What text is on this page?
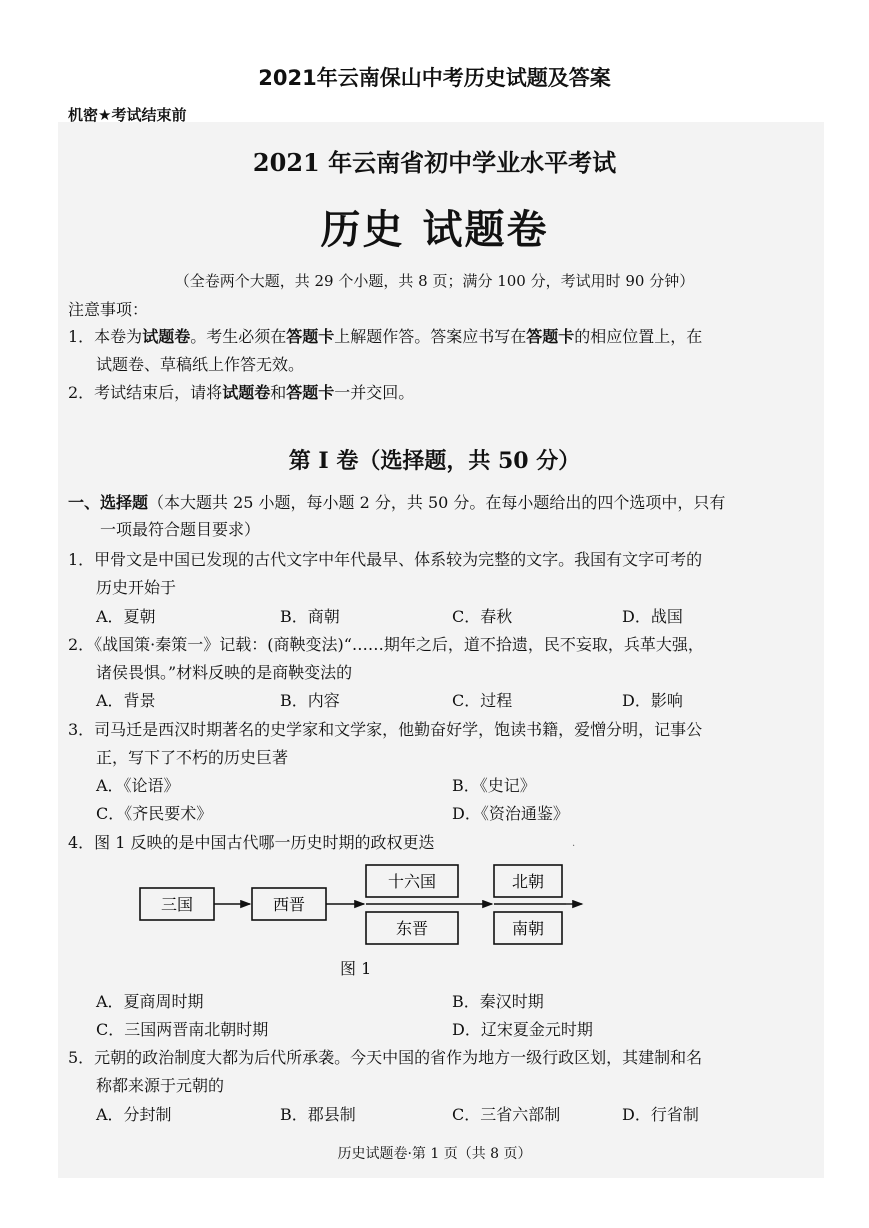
2021年云南保山中考历史试题及答案
机密★考试结束前
2021 年云南省初中学业水平考试
历史 试题卷
（全卷两个大题，共 29 个小题，共 8 页；满分 100 分，考试用时 90 分钟）
注意事项：
1．本卷为试题卷。考生必须在答题卡上解题作答。答案应书写在答题卡的相应位置上，在
试题卷、草稿纸上作答无效。
2．考试结束后，请将试题卷和答题卡一并交回。
第 I 卷（选择题，共 50 分）
一、选择题（本大题共 25 小题，每小题 2 分，共 50 分。在每小题给出的四个选项中，只有
一项最符合题目要求）
1．甲骨文是中国已发现的古代文字中年代最早、体系较为完整的文字。我国有文字可考的
历史开始于
A．夏朝	B．商朝	C．春秋	D．战国
2．《战国策·秦策一》记载：(商鞅变法)“……期年之后，道不拾遗，民不妄取，兵革大强，
诸侯畏惧。”材料反映的是商鞅变法的
A．背景	B．内容	C．过程	D．影响
3．司马迁是西汉时期著名的史学家和文学家，他勤奋好学，饱读书籍，爱憎分明，记事公
正，写下了不朽的历史巨著
A．《论语》	B．《史记》
C．《齐民要术》	D．《资治通鉴》
4．图 1 反映的是中国古代哪一历史时期的政权更迭	.
三国	西晋
十六国
东晋
北朝
南朝
图 1
A．夏商周时期	B．秦汉时期
C．三国两晋南北朝时期	D．辽宋夏金元时期
5．元朝的政治制度大都为后代所承袭。今天中国的省作为地方一级行政区划，其建制和名
称都来源于元朝的
A．分封制	B．郡县制	C．三省六部制	D．行省制
历史试题卷·第 1 页（共 8 页）
